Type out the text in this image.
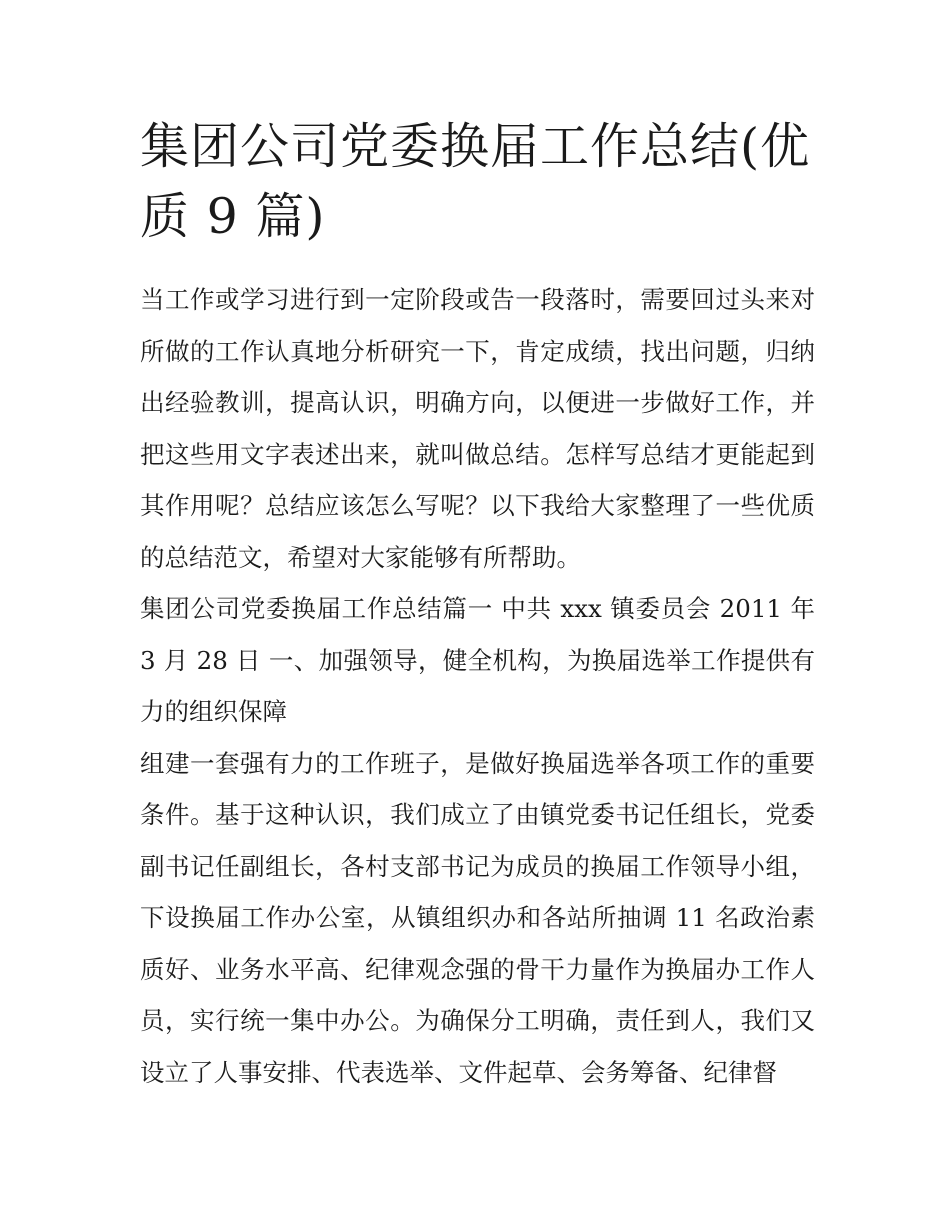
集团公司党委换届工作总结(优质 9 篇)

当工作或学习进行到一定阶段或告一段落时，需要回过头来对所做的工作认真地分析研究一下，肯定成绩，找出问题，归纳出经验教训，提高认识，明确方向，以便进一步做好工作，并把这些用文字表述出来，就叫做总结。怎样写总结才更能起到其作用呢？总结应该怎么写呢？以下我给大家整理了一些优质的总结范文，希望对大家能够有所帮助。

集团公司党委换届工作总结篇一 中共 xxx 镇委员会 2011 年 3 月 28 日 一、加强领导，健全机构，为换届选举工作提供有力的组织保障

组建一套强有力的工作班子，是做好换届选举各项工作的重要条件。基于这种认识，我们成立了由镇党委书记任组长，党委副书记任副组长，各村支部书记为成员的换届工作领导小组，下设换届工作办公室，从镇组织办和各站所抽调 11 名政治素质好、业务水平高、纪律观念强的骨干力量作为换届办工作人员，实行统一集中办公。为确保分工明确，责任到人，我们又设立了人事安排、代表选举、文件起草、会务筹备、纪律督
